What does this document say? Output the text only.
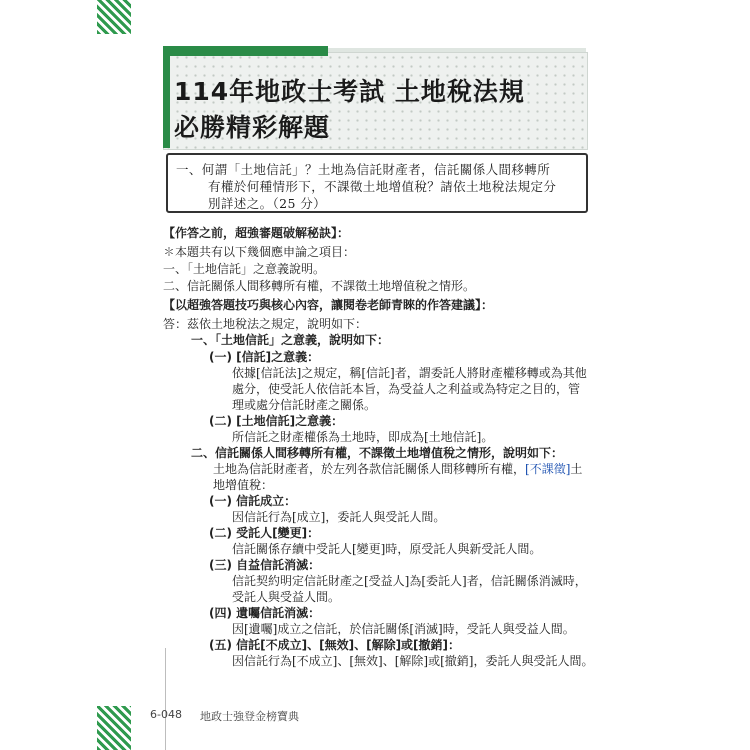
114年地政士考試 土地稅法規
必勝精彩解題
一、何謂「土地信託」？土地為信託財產者，信託關係人間移轉所
有權於何種情形下，不課徵土地增值稅？請依土地稅法規定分
別詳述之。（25 分）
【作答之前，超強審題破解秘訣】：
✽本題共有以下幾個應申論之項目：
一、「土地信託」之意義說明。
二、信託關係人間移轉所有權，不課徵土地增值稅之情形。
【以超強答題技巧與核心內容，讓閱卷老師青睞的作答建議】：
答：茲依土地稅法之規定，說明如下：
一、「土地信託」之意義，說明如下：
(一) [信託]之意義：
依據[信託法]之規定，稱[信託]者，謂委託人將財產權移轉或為其他
處分，使受託人依信託本旨，為受益人之利益或為特定之目的，管
理或處分信託財產之關係。
(二) [土地信託]之意義：
所信託之財產權係為土地時，即成為[土地信託]。
二、信託關係人間移轉所有權，不課徵土地增值稅之情形，說明如下：
土地為信託財產者，於左列各款信託關係人間移轉所有權，[不課徵]土
地增值稅：
(一) 信託成立：
因信託行為[成立]，委託人與受託人間。
(二) 受託人[變更]：
信託關係存續中受託人[變更]時，原受託人與新受託人間。
(三) 自益信託消滅：
信託契約明定信託財產之[受益人]為[委託人]者，信託關係消滅時，
受託人與受益人間。
(四) 遺囑信託消滅：
因[遺囑]成立之信託，於信託關係[消滅]時，受託人與受益人間。
(五) 信託[不成立]、[無效]、[解除]或[撤銷]：
因信託行為[不成立]、[無效]、[解除]或[撤銷]，委託人與受託人間。
6-048 地政士強登金榜寶典
